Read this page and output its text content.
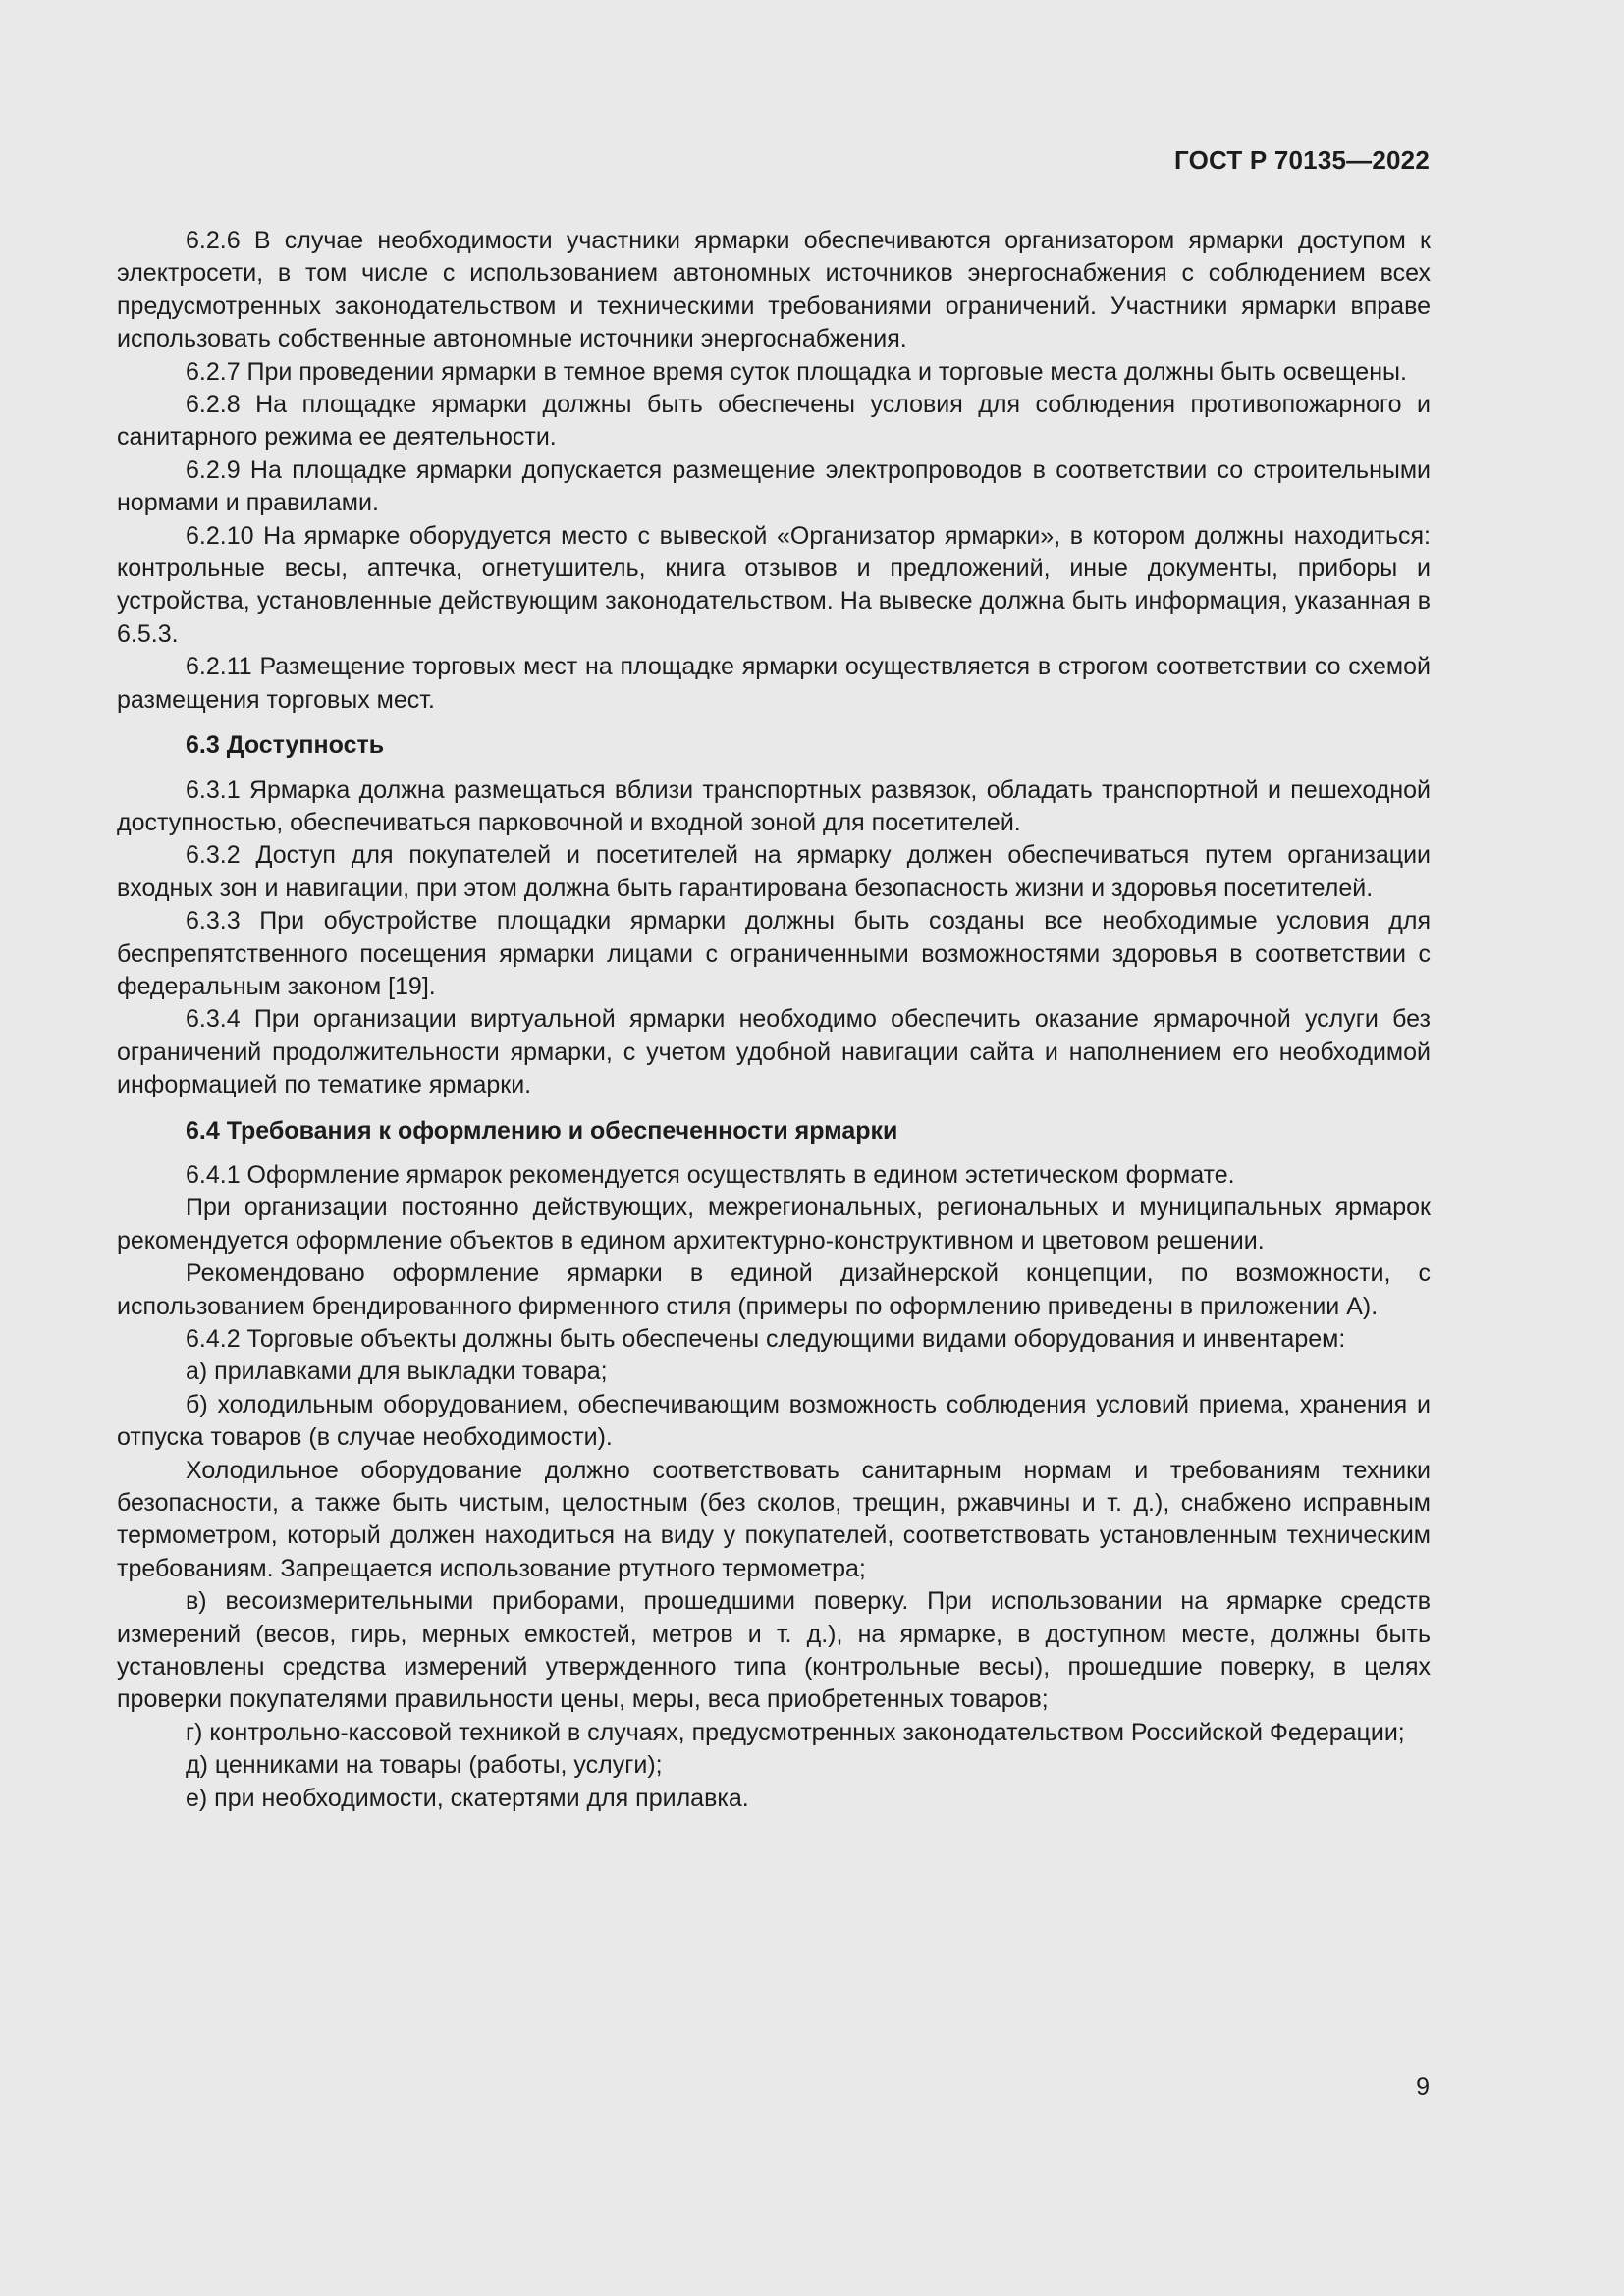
ГОСТ Р 70135—2022

6.2.6 В случае необходимости участники ярмарки обеспечиваются организатором ярмарки доступом к электросети, в том числе с использованием автономных источников энергоснабжения с соблюдением всех предусмотренных законодательством и техническими требованиями ограничений. Участники ярмарки вправе использовать собственные автономные источники энергоснабжения.

6.2.7 При проведении ярмарки в темное время суток площадка и торговые места должны быть освещены.

6.2.8 На площадке ярмарки должны быть обеспечены условия для соблюдения противопожарного и санитарного режима ее деятельности.

6.2.9 На площадке ярмарки допускается размещение электропроводов в соответствии со строительными нормами и правилами.

6.2.10 На ярмарке оборудуется место с вывеской «Организатор ярмарки», в котором должны находиться: контрольные весы, аптечка, огнетушитель, книга отзывов и предложений, иные документы, приборы и устройства, установленные действующим законодательством. На вывеске должна быть информация, указанная в 6.5.3.

6.2.11 Размещение торговых мест на площадке ярмарки осуществляется в строгом соответствии со схемой размещения торговых мест.

6.3 Доступность

6.3.1 Ярмарка должна размещаться вблизи транспортных развязок, обладать транспортной и пешеходной доступностью, обеспечиваться парковочной и входной зоной для посетителей.

6.3.2 Доступ для покупателей и посетителей на ярмарку должен обеспечиваться путем организации входных зон и навигации, при этом должна быть гарантирована безопасность жизни и здоровья посетителей.

6.3.3 При обустройстве площадки ярмарки должны быть созданы все необходимые условия для беспрепятственного посещения ярмарки лицами с ограниченными возможностями здоровья в соответствии с федеральным законом [19].

6.3.4 При организации виртуальной ярмарки необходимо обеспечить оказание ярмарочной услуги без ограничений продолжительности ярмарки, с учетом удобной навигации сайта и наполнением его необходимой информацией по тематике ярмарки.

6.4 Требования к оформлению и обеспеченности ярмарки

6.4.1 Оформление ярмарок рекомендуется осуществлять в едином эстетическом формате.

При организации постоянно действующих, межрегиональных, региональных и муниципальных ярмарок рекомендуется оформление объектов в едином архитектурно-конструктивном и цветовом решении.

Рекомендовано оформление ярмарки в единой дизайнерской концепции, по возможности, с использованием брендированного фирменного стиля (примеры по оформлению приведены в приложении А).

6.4.2 Торговые объекты должны быть обеспечены следующими видами оборудования и инвентарем:

а) прилавками для выкладки товара;

б) холодильным оборудованием, обеспечивающим возможность соблюдения условий приема, хранения и отпуска товаров (в случае необходимости).

Холодильное оборудование должно соответствовать санитарным нормам и требованиям техники безопасности, а также быть чистым, целостным (без сколов, трещин, ржавчины и т. д.), снабжено исправным термометром, который должен находиться на виду у покупателей, соответствовать установленным техническим требованиям. Запрещается использование ртутного термометра;

в) весоизмерительными приборами, прошедшими поверку. При использовании на ярмарке средств измерений (весов, гирь, мерных емкостей, метров и т. д.), на ярмарке, в доступном месте, должны быть установлены средства измерений утвержденного типа (контрольные весы), прошедшие поверку, в целях проверки покупателями правильности цены, меры, веса приобретенных товаров;

г) контрольно-кассовой техникой в случаях, предусмотренных законодательством Российской Федерации;

д) ценниками на товары (работы, услуги);

е) при необходимости, скатертями для прилавка.

9
